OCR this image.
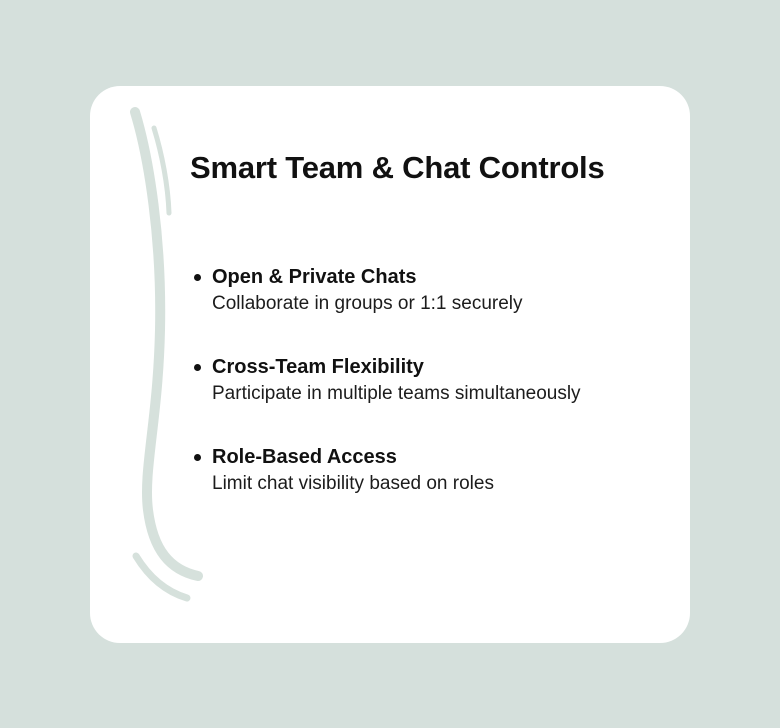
Smart Team & Chat Controls
Open & Private Chats Collaborate in groups or 1:1 securely
Cross-Team Flexibility Participate in multiple teams simultaneously
Role-Based Access Limit chat visibility based on roles
